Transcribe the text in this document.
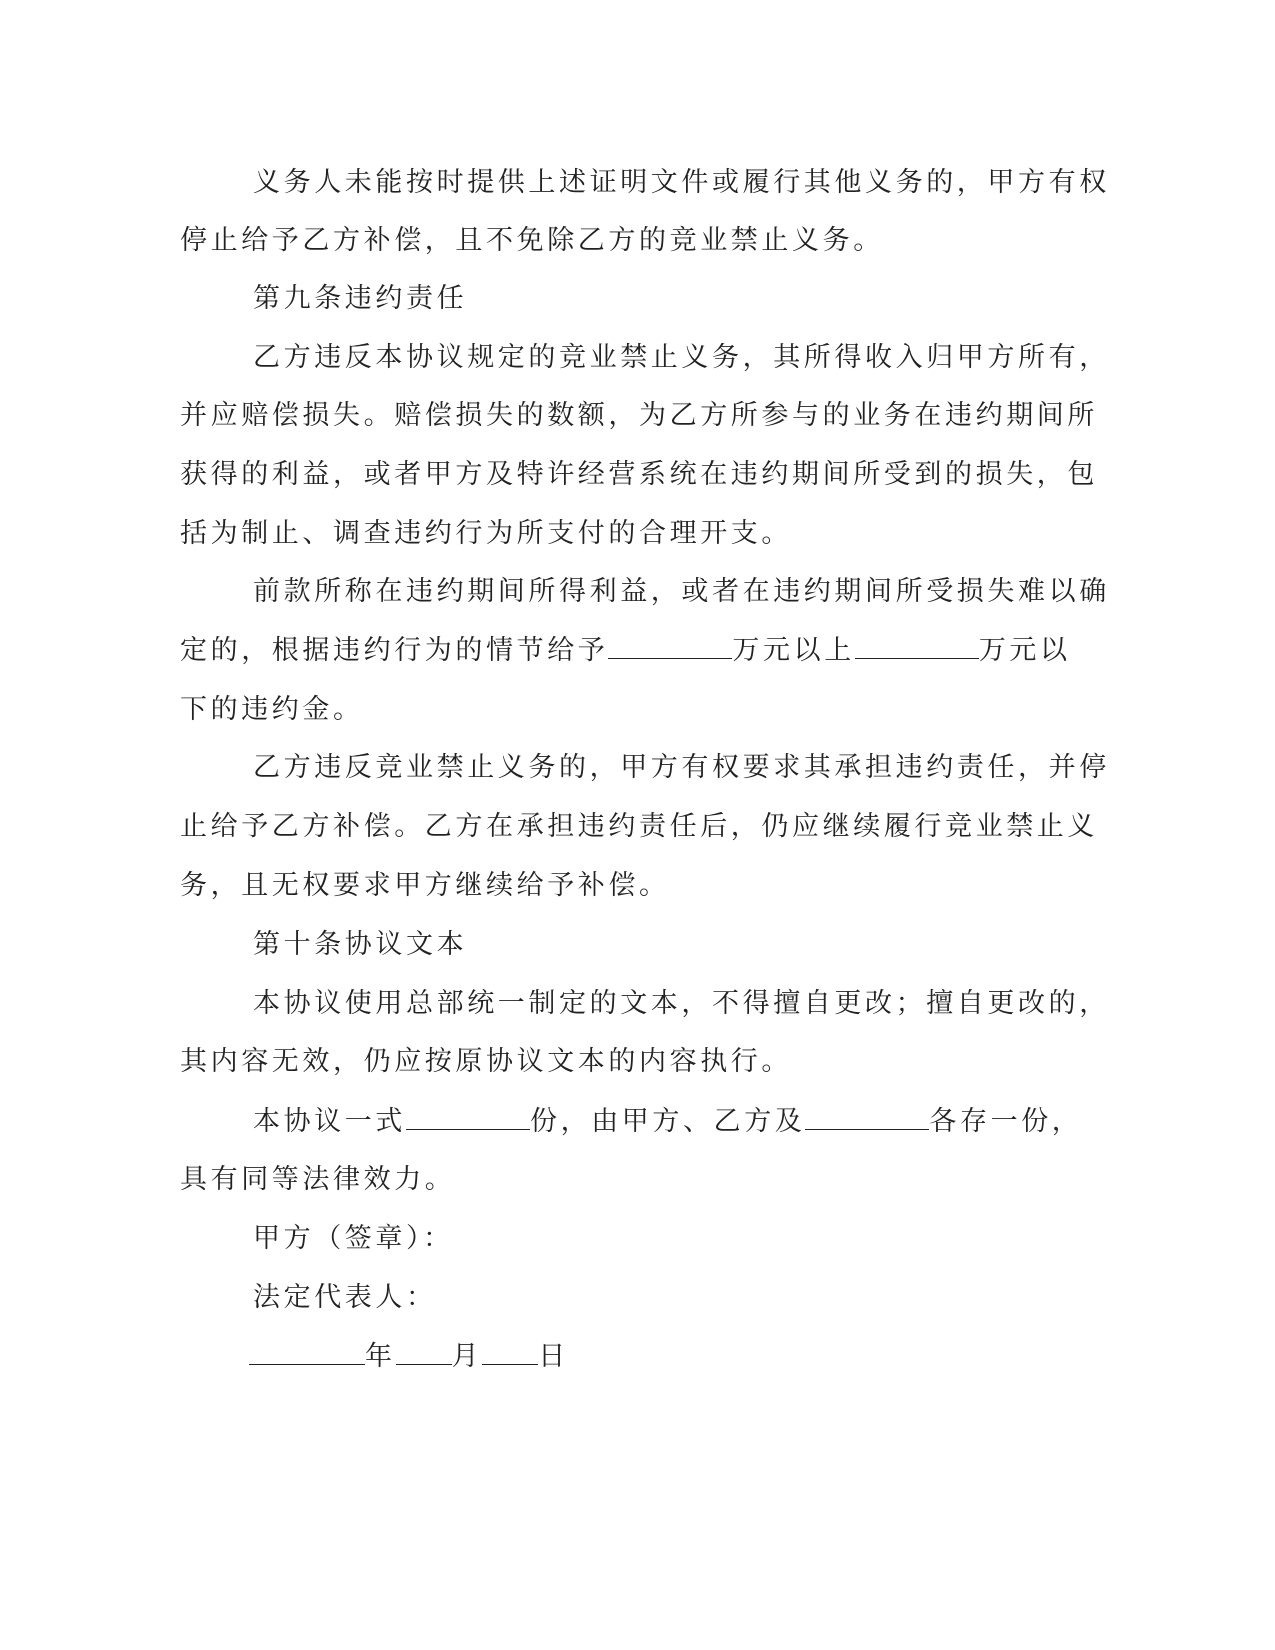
义务人未能按时提供上述证明文件或履行其他义务的，甲方有权
停止给予乙方补偿，且不免除乙方的竞业禁止义务。
第九条违约责任
乙方违反本协议规定的竞业禁止义务，其所得收入归甲方所有，
并应赔偿损失。赔偿损失的数额，为乙方所参与的业务在违约期间所
获得的利益，或者甲方及特许经营系统在违约期间所受到的损失，包
括为制止、调查违约行为所支付的合理开支。
前款所称在违约期间所得利益，或者在违约期间所受损失难以确
定的，根据违约行为的情节给予	万元以上	万元以
下的违约金。
乙方违反竞业禁止义务的，甲方有权要求其承担违约责任，并停
止给予乙方补偿。乙方在承担违约责任后，仍应继续履行竞业禁止义
务，且无权要求甲方继续给予补偿。
第十条协议文本
本协议使用总部统一制定的文本，不得擅自更改；擅自更改的，
其内容无效，仍应按原协议文本的内容执行。
本协议一式	份，由甲方、乙方及	各存一份，
具有同等法律效力。
甲方（签章）：
法定代表人：
年 月 日
